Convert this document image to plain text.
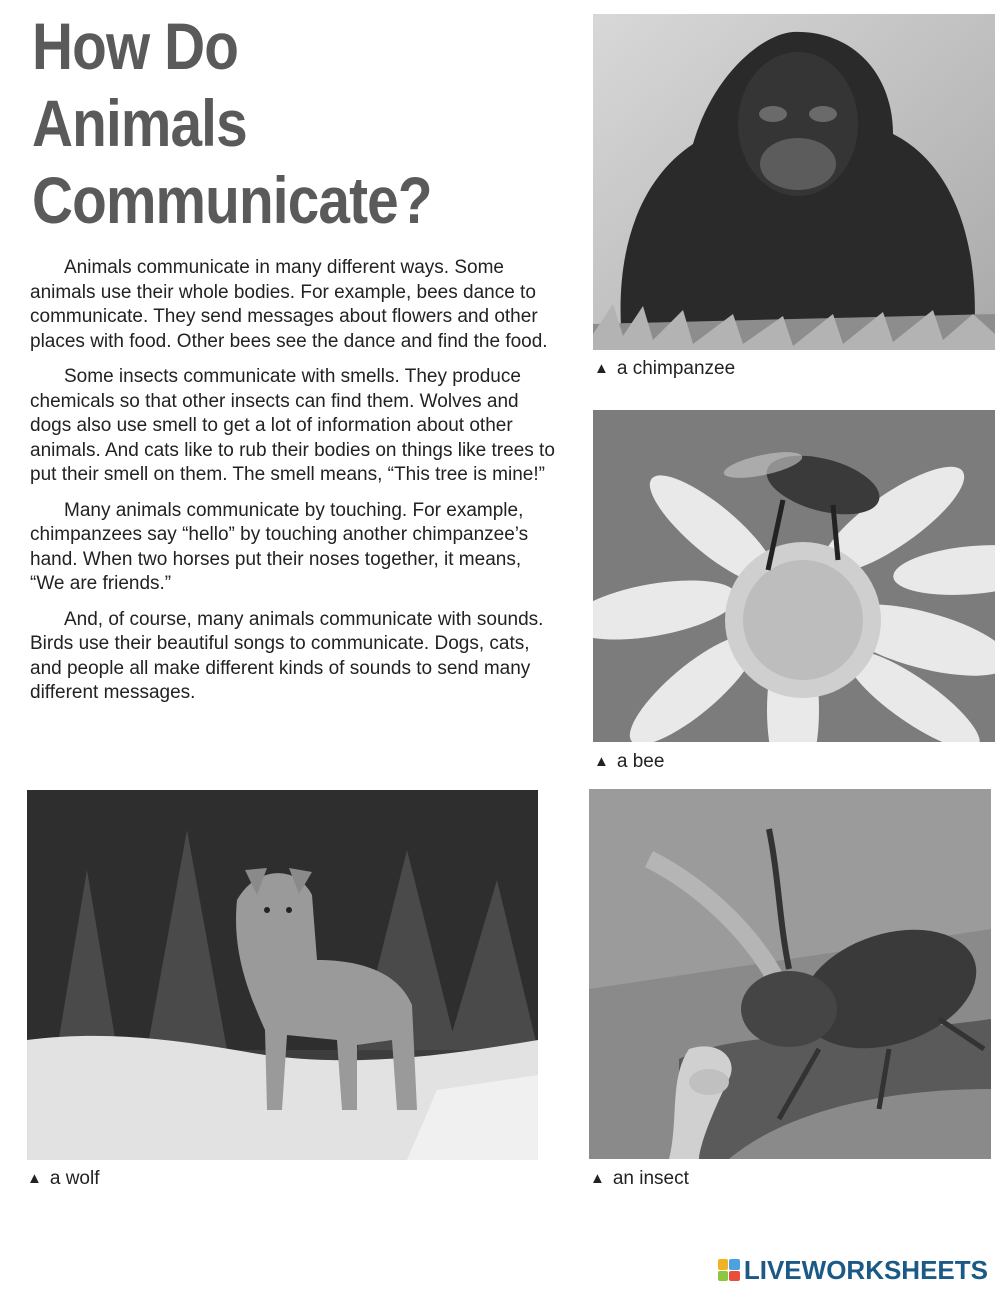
How Do
Animals
Communicate?

Animals communicate in many different ways. Some animals use their whole bodies. For example, bees dance to communicate. They send messages about flowers and other places with food. Other bees see the dance and find the food.

Some insects communicate with smells. They produce chemicals so that other insects can find them. Wolves and dogs also use smell to get a lot of information about other animals. And cats like to rub their bodies on things like trees to put their smell on them. The smell means, “This tree is mine!”

Many animals communicate by touching. For example, chimpanzees say “hello” by touching another chimpanzee’s hand. When two horses put their noses together, it means, “We are friends.”

And, of course, many animals communicate with sounds. Birds use their beautiful songs to communicate. Dogs, cats, and people all make different kinds of sounds to send many different messages.

▲ a chimpanzee
▲ a bee
▲ a wolf	▲ an insect
LIVEWORKSHEETS
